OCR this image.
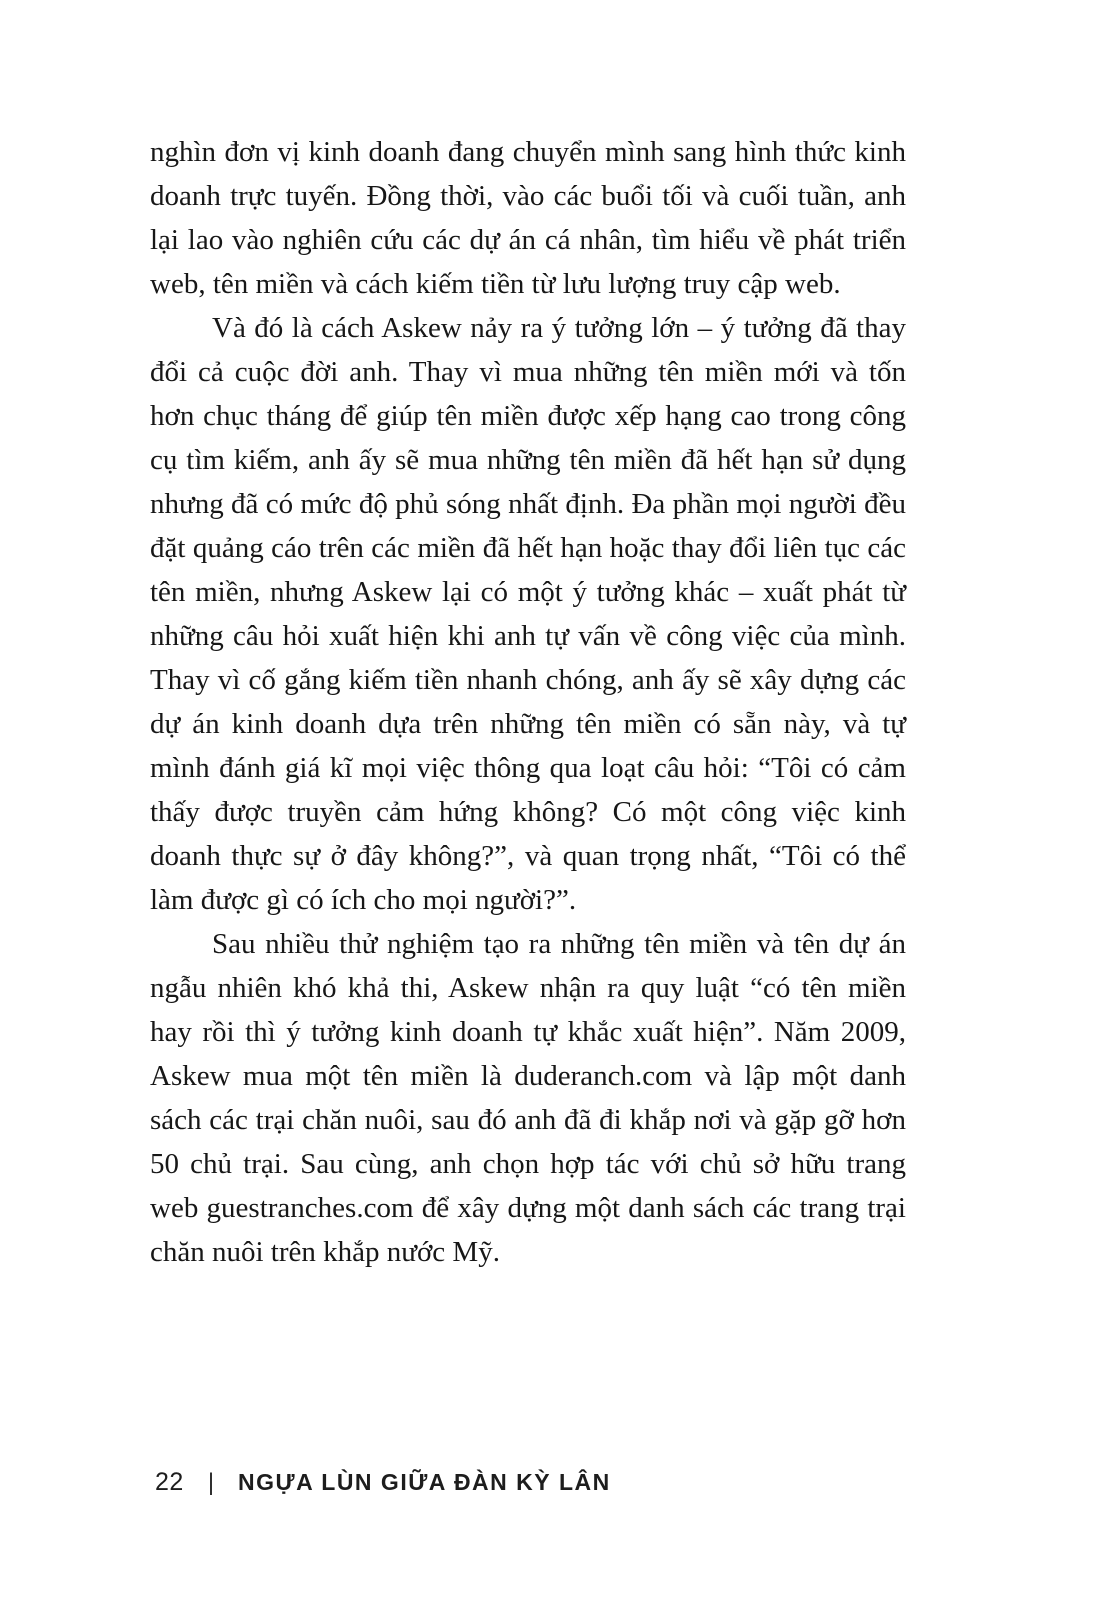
nghìn đơn vị kinh doanh đang chuyển mình sang hình thức kinh doanh trực tuyến. Đồng thời, vào các buổi tối và cuối tuần, anh lại lao vào nghiên cứu các dự án cá nhân, tìm hiểu về phát triển web, tên miền và cách kiếm tiền từ lưu lượng truy cập web.

Và đó là cách Askew nảy ra ý tưởng lớn – ý tưởng đã thay đổi cả cuộc đời anh. Thay vì mua những tên miền mới và tốn hơn chục tháng để giúp tên miền được xếp hạng cao trong công cụ tìm kiếm, anh ấy sẽ mua những tên miền đã hết hạn sử dụng nhưng đã có mức độ phủ sóng nhất định. Đa phần mọi người đều đặt quảng cáo trên các miền đã hết hạn hoặc thay đổi liên tục các tên miền, nhưng Askew lại có một ý tưởng khác – xuất phát từ những câu hỏi xuất hiện khi anh tự vấn về công việc của mình. Thay vì cố gắng kiếm tiền nhanh chóng, anh ấy sẽ xây dựng các dự án kinh doanh dựa trên những tên miền có sẵn này, và tự mình đánh giá kĩ mọi việc thông qua loạt câu hỏi: “Tôi có cảm thấy được truyền cảm hứng không? Có một công việc kinh doanh thực sự ở đây không?”, và quan trọng nhất, “Tôi có thể làm được gì có ích cho mọi người?”.

Sau nhiều thử nghiệm tạo ra những tên miền và tên dự án ngẫu nhiên khó khả thi, Askew nhận ra quy luật “có tên miền hay rồi thì ý tưởng kinh doanh tự khắc xuất hiện”. Năm 2009, Askew mua một tên miền là duderanch.com và lập một danh sách các trại chăn nuôi, sau đó anh đã đi khắp nơi và gặp gỡ hơn 50 chủ trại. Sau cùng, anh chọn hợp tác với chủ sở hữu trang web guestranches.com để xây dựng một danh sách các trang trại chăn nuôi trên khắp nước Mỹ.

22 | NGỰA LÙN GIỮA ĐÀN KỲ LÂN
